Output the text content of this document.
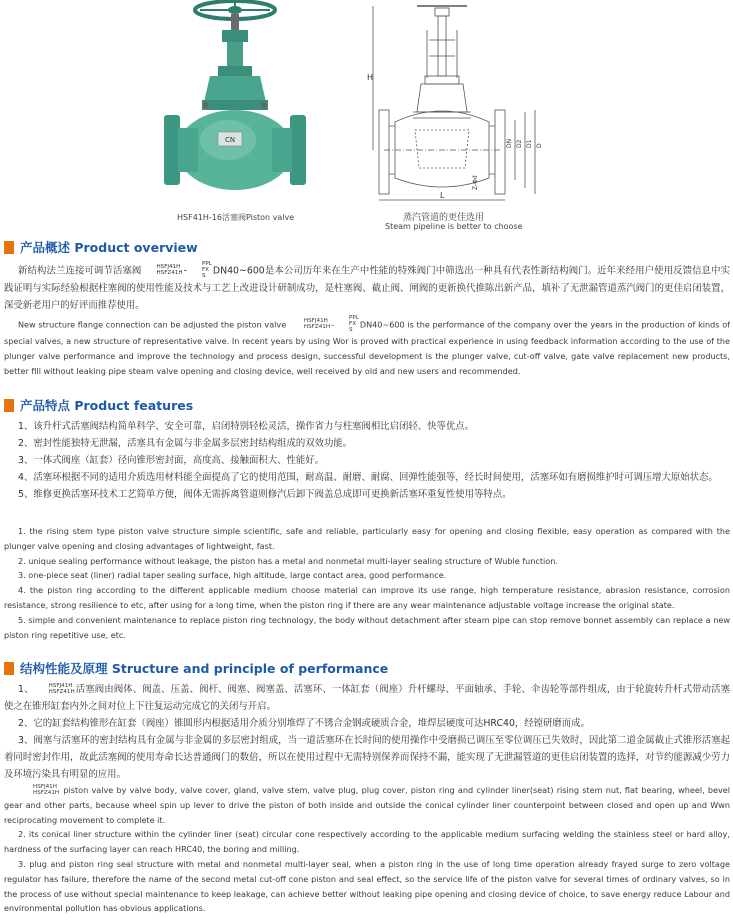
CN
HSF41H-16活塞阀Piston valve
H
L
DN D2 D1 D
Z-Φd
蒸汽管道的更佳选用
Steam pipeline is better to choose
产品概述 Product overview
新结构法兰连接可调节活塞阀	HSFJ41H
HSFZ41H -
PPL
FX
S DN40~600是本公司历年来在生产中性能的特殊阀门中筛选出一种具有代表性新结构阀门。近年来经用户使用反馈信息中实践证明与实际经验根据柱塞阀的使用性能及技术与工艺上改进设计研制成功，是柱塞阀、截止阀、闸阀的更新换代推陈出新产品，填补了无泄漏管道蒸汽阀门的更佳启闭装置，深受新老用户的好评而推荐使用。
New structure flange connection can be adjusted the piston valve	HSFJ41H
HSFZ41H -
PPL
FX
S
DN40~600 is the performance of the company over the years in the production of kinds of special valves, a new structure of representative valve. In recent years by using Wor is proved with practical experience in using feedback information according to the use of the plunger valve performance and improve the technology and process design, successful development is the plunger valve, cut-off valve, gate valve replacement new products, better fill without leaking pipe steam valve opening and closing device, well received by old and new users and recommended.
产品特点 Product features
1、该升杆式活塞阀结构简单科学、安全可靠，启闭特别轻松灵活，操作省力与柱塞阀相比启闭轻、快等优点。
2、密封性能独特无泄漏，活塞具有金属与非金属多层密封结构组成的双效功能。
3、一体式阀座（缸套）径向锥形密封面，高度高、接触面积大、性能好。
4、活塞环根据不同的适用介质选用材料能全面提高了它的使用范围，耐高温、耐磨、耐腐、回弹性能强等，经长时间使用，活塞环如有磨损维护时可调压增大原始状态。
5、维修更换活塞环技术工艺简单方便，阀体无需拆离管道则修汽后卸下阀盖总成即可更换新活塞环重复性使用等特点。
1. the rising stem type piston valve structure simple scientific, safe and reliable, particularly easy for opening and closing flexible, easy operation as compared with the plunger valve opening and closing advantages of lightweight, fast.
2. unique sealing performance without leakage, the piston has a metal and nonmetal multi-layer sealing structure of Wuble function.
3. one-piece seat (liner) radial taper sealing surface, high altitude, large contact area, good performance.
4. the piston ring according to the different applicable medium choose material can improve its use range, high temperature resistance, abrasion resistance, corrosion resistance, strong resilience to etc, after using for a long time, when the piston ring if there are any wear maintenance adjustable voltage increase the original state.
5. simple and convenient maintenance to replace piston ring technology, the body without detachment after steam pipe can stop remove bonnet assembly can replace a new piston ring repetitive use, etc.
结构性能及原理 Structure and principle of performance
1、	HSFJ41H
HSFZ41H 活塞阀由阀体、阀盖、压盖、阀杆、阀塞、阀塞盖、活塞环、一体缸套（阀座）升杆螺母、平面轴承、手轮、伞齿轮等部件组成，由于轮旋转升杆式带动活塞使之在锥形缸套内外之间对位上下往复运动完成它的关闭与开启。
2、它的缸套结构锥形在缸套（阀座）锥圆形内根据适用介质分别堆焊了不锈合金钢或硬质合金，堆焊层硬度可达HRC40，经镗研磨而成。
3、阀塞与活塞环的密封结构具有金属与非金属的多层密封组成，当一道活塞环在长时间的使用操作中受磨损已调压至零位调压已失效时，因此第二道金属截止式锥形活塞起着同时密封作用，故此活塞阀的使用寿命长达普通阀门的数倍，所以在使用过程中无需特别保养而保持不漏，能实现了无泄漏管道的更佳启闭装置的选择，对节约能源减少劳力及环境污染具有明显的应用。
HSFJ41H
HSFZ41H piston valve by valve body, valve cover, gland, valve stem, valve plug, plug cover, piston ring and cylinder liner(seat) rising stem nut, flat bearing, wheel, bevel gear and other parts, because wheel spin up lever to drive the piston of both inside and outside the conical cylinder liner counterpoint between closed and open up and Wwn reciprocating movement to complete it.
2. its conical liner structure within the cylinder liner (seat) circular cone respectively according to the applicable medium surfacing welding the stainless steel or hard alloy, hardness of the surfacing layer can reach HRC40, the boring and milling.
3. plug and piston ring seal structure with metal and nonmetal multi-layer seal, when a piston ring in the use of long time operation already frayed surge to zero voltage regulator has failure, therefore the name of the second metal cut-off cone piston and seal effect, so the service life of the piston valve for several times of ordinary valves, so in the process of use without special maintenance to keep leakage, can achieve better without leaking pipe opening and closing device of choice, to save energy reduce Labour and environmental pollution has obvious applications.
